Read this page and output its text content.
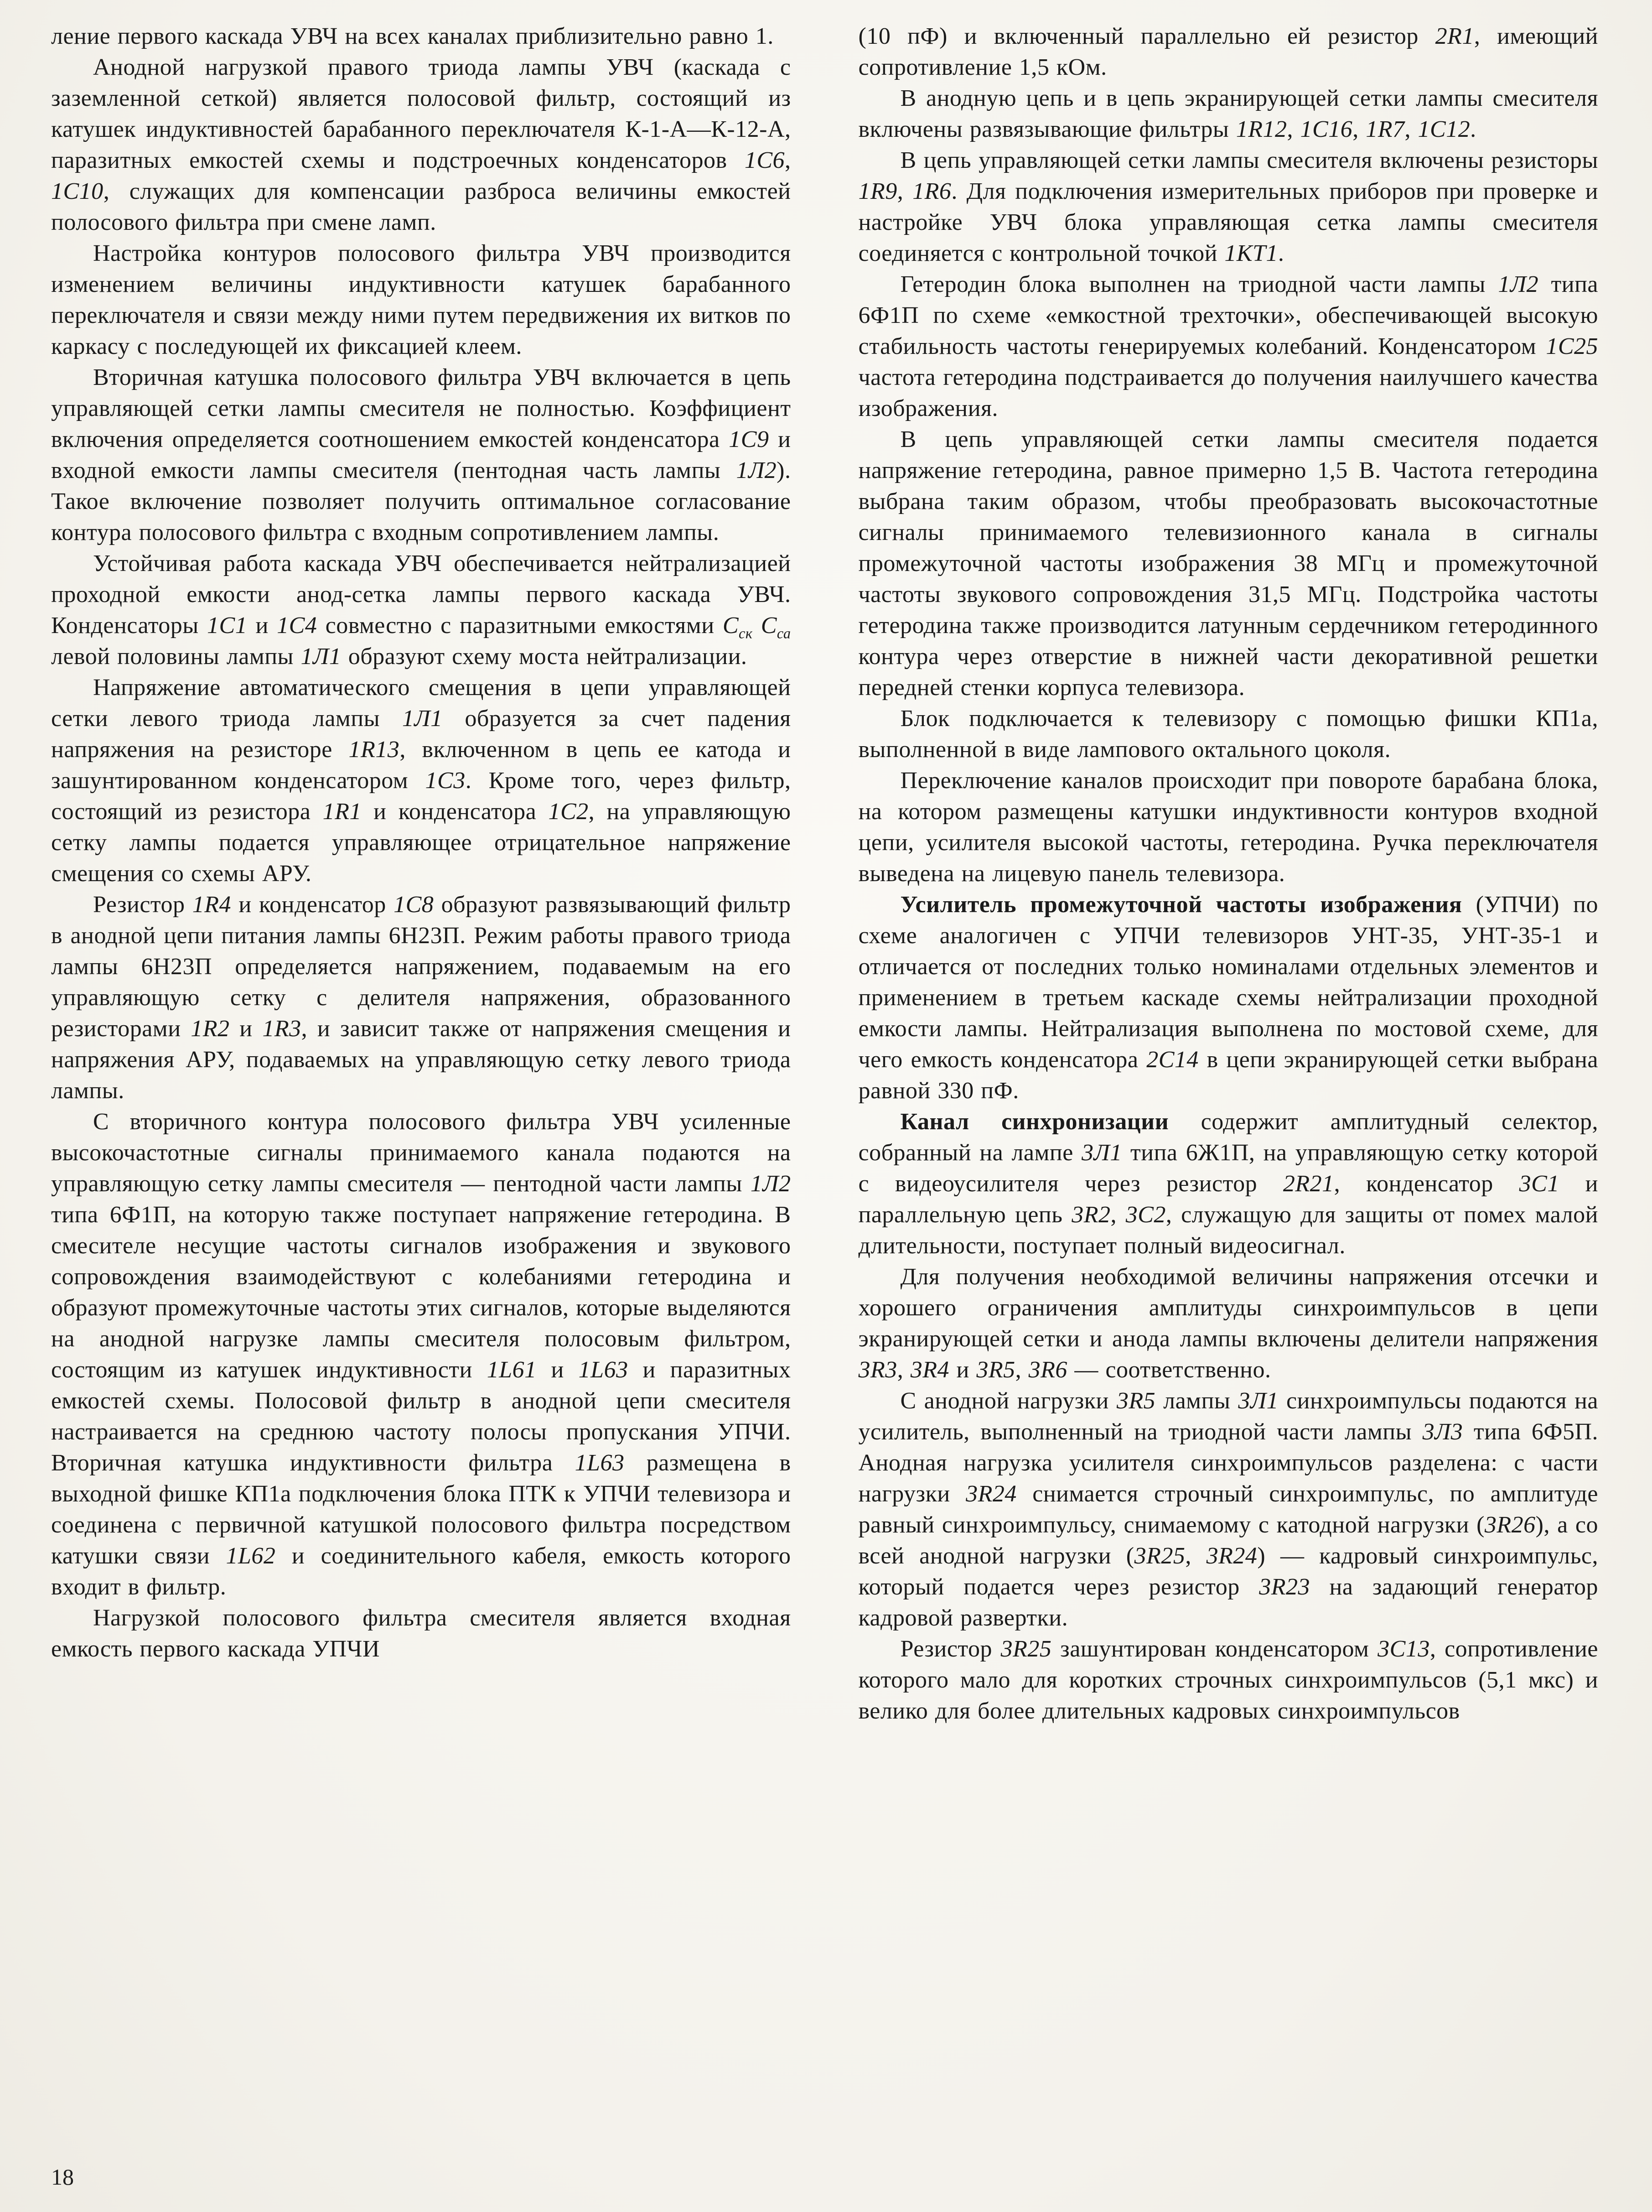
ление первого каскада УВЧ на всех каналах приблизительно равно 1.

Анодной нагрузкой правого триода лампы УВЧ (каскада с заземленной сеткой) является полосовой фильтр, состоящий из катушек индуктивностей барабанного переключателя К-1-А—К-12-А, паразитных емкостей схемы и подстроечных конденсаторов 1С6, 1С10, служащих для компенсации разброса величины емкостей полосового фильтра при смене ламп.

Настройка контуров полосового фильтра УВЧ производится изменением величины индуктивности катушек барабанного переключателя и связи между ними путем передвижения их витков по каркасу с последующей их фиксацией клеем.

Вторичная катушка полосового фильтра УВЧ включается в цепь управляющей сетки лампы смесителя не полностью. Коэффициент включения определяется соотношением емкостей конденсатора 1С9 и входной емкости лампы смесителя (пентодная часть лампы 1Л2). Такое включение позволяет получить оптимальное согласование контура полосового фильтра с входным сопротивлением лампы.

Устойчивая работа каскада УВЧ обеспечивается нейтрализацией проходной емкости анод-сетка лампы первого каскада УВЧ. Конденсаторы 1С1 и 1С4 совместно с паразитными емкостями $C_{ск}$ $C_{са}$ левой половины лампы 1Л1 образуют схему моста нейтрализации.

Напряжение автоматического смещения в цепи управляющей сетки левого триода лампы 1Л1 образуется за счет падения напряжения на резисторе 1R13, включенном в цепь ее катода и зашунтированном конденсатором 1С3. Кроме того, через фильтр, состоящий из резистора 1R1 и конденсатора 1С2, на управляющую сетку лампы подается управляющее отрицательное напряжение смещения со схемы АРУ.

Резистор 1R4 и конденсатор 1С8 образуют развязывающий фильтр в анодной цепи питания лампы 6Н23П. Режим работы правого триода лампы 6Н23П определяется напряжением, подаваемым на его управляющую сетку с делителя напряжения, образованного резисторами 1R2 и 1R3, и зависит также от напряжения смещения и напряжения АРУ, подаваемых на управляющую сетку левого триода лампы.

С вторичного контура полосового фильтра УВЧ усиленные высокочастотные сигналы принимаемого канала подаются на управляющую сетку лампы смесителя — пентодной части лампы 1Л2 типа 6Ф1П, на которую также поступает напряжение гетеродина. В смесителе несущие частоты сигналов изображения и звукового сопровождения взаимодействуют с колебаниями гетеродина и образуют промежуточные частоты этих сигналов, которые выделяются на анодной нагрузке лампы смесителя полосовым фильтром, состоящим из катушек индуктивности 1L61 и 1L63 и паразитных емкостей схемы. Полосовой фильтр в анодной цепи смесителя настраивается на среднюю частоту полосы пропускания УПЧИ. Вторичная катушка индуктивности фильтра 1L63 размещена в выходной фишке КП1а подключения блока ПТК к УПЧИ телевизора и соединена с первичной катушкой полосового фильтра посредством катушки связи 1L62 и соединительного кабеля, емкость которого входит в фильтр.

Нагрузкой полосового фильтра смесителя является входная емкость первого каскада УПЧИ

(10 пФ) и включенный параллельно ей резистор 2R1, имеющий сопротивление 1,5 кОм.

В анодную цепь и в цепь экранирующей сетки лампы смесителя включены развязывающие фильтры 1R12, 1С16, 1R7, 1С12.

В цепь управляющей сетки лампы смесителя включены резисторы 1R9, 1R6. Для подключения измерительных приборов при проверке и настройке УВЧ блока управляющая сетка лампы смесителя соединяется с контрольной точкой 1КТ1.

Гетеродин блока выполнен на триодной части лампы 1Л2 типа 6Ф1П по схеме «емкостной трехточки», обеспечивающей высокую стабильность частоты генерируемых колебаний. Конденсатором 1С25 частота гетеродина подстраивается до получения наилучшего качества изображения.

В цепь управляющей сетки лампы смесителя подается напряжение гетеродина, равное примерно 1,5 В. Частота гетеродина выбрана таким образом, чтобы преобразовать высокочастотные сигналы принимаемого телевизионного канала в сигналы промежуточной частоты изображения 38 МГц и промежуточной частоты звукового сопровождения 31,5 МГц. Подстройка частоты гетеродина также производится латунным сердечником гетеродинного контура через отверстие в нижней части декоративной решетки передней стенки корпуса телевизора.

Блок подключается к телевизору с помощью фишки КП1а, выполненной в виде лампового октального цоколя.

Переключение каналов происходит при повороте барабана блока, на котором размещены катушки индуктивности контуров входной цепи, усилителя высокой частоты, гетеродина. Ручка переключателя выведена на лицевую панель телевизора.

Усилитель промежуточной частоты изображения (УПЧИ) по схеме аналогичен с УПЧИ телевизоров УНТ-35, УНТ-35-1 и отличается от последних только номиналами отдельных элементов и применением в третьем каскаде схемы нейтрализации проходной емкости лампы. Нейтрализация выполнена по мостовой схеме, для чего емкость конденсатора 2С14 в цепи экранирующей сетки выбрана равной 330 пФ.

Канал синхронизации содержит амплитудный селектор, собранный на лампе 3Л1 типа 6Ж1П, на управляющую сетку которой с видеоусилителя через резистор 2R21, конденсатор 3С1 и параллельную цепь 3R2, 3С2, служащую для защиты от помех малой длительности, поступает полный видеосигнал.

Для получения необходимой величины напряжения отсечки и хорошего ограничения амплитуды синхроимпульсов в цепи экранирующей сетки и анода лампы включены делители напряжения 3R3, 3R4 и 3R5, 3R6 — соответственно.

С анодной нагрузки 3R5 лампы 3Л1 синхроимпульсы подаются на усилитель, выполненный на триодной части лампы 3Л3 типа 6Ф5П. Анодная нагрузка усилителя синхроимпульсов разделена: с части нагрузки 3R24 снимается строчный синхроимпульс, по амплитуде равный синхроимпульсу, снимаемому с катодной нагрузки (3R26), а со всей анодной нагрузки (3R25, 3R24) — кадровый синхроимпульс, который подается через резистор 3R23 на задающий генератор кадровой развертки.

Резистор 3R25 зашунтирован конденсатором 3С13, сопротивление которого мало для коротких строчных синхроимпульсов (5,1 мкс) и велико для более длительных кадровых синхроимпульсов

18
